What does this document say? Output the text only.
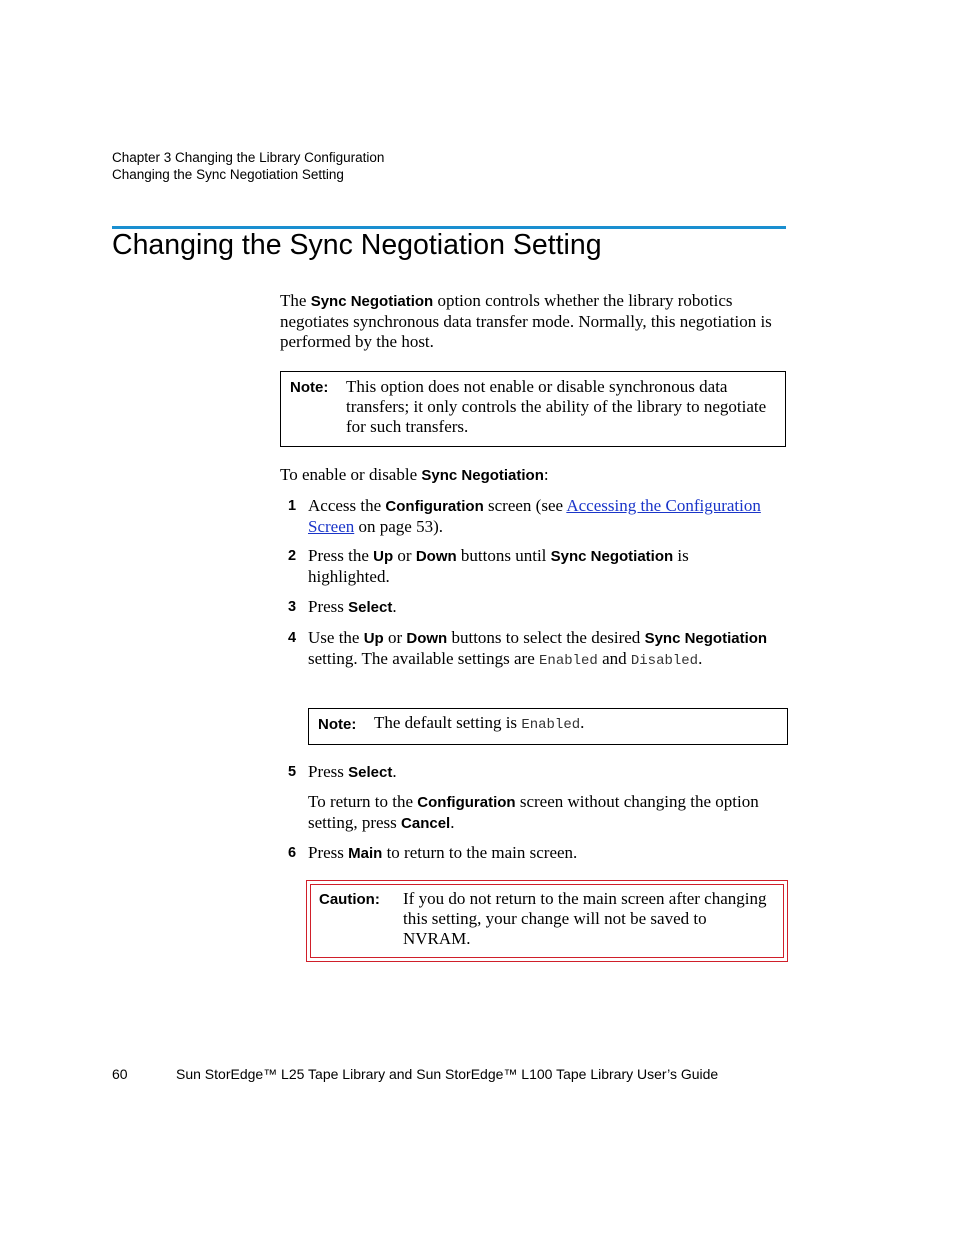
Chapter 3 Changing the Library Configuration
Changing the Sync Negotiation Setting
Changing the Sync Negotiation Setting

The Sync Negotiation option controls whether the library robotics negotiates synchronous data transfer mode. Normally, this negotiation is performed by the host.

Note: This option does not enable or disable synchronous data transfers; it only controls the ability of the library to negotiate for such transfers.

To enable or disable Sync Negotiation:

1 Access the Configuration screen (see Accessing the Configuration Screen on page 53).
2 Press the Up or Down buttons until Sync Negotiation is highlighted.
3 Press Select.
4 Use the Up or Down buttons to select the desired Sync Negotiation setting. The available settings are Enabled and Disabled.
Note: The default setting is Enabled.
5 Press Select.

To return to the Configuration screen without changing the option setting, press Cancel.

6 Press Main to return to the main screen.
Caution: If you do not return to the main screen after changing this setting, your change will not be saved to NVRAM.
60	Sun StorEdge™ L25 Tape Library and Sun StorEdge™ L100 Tape Library User’s Guide
